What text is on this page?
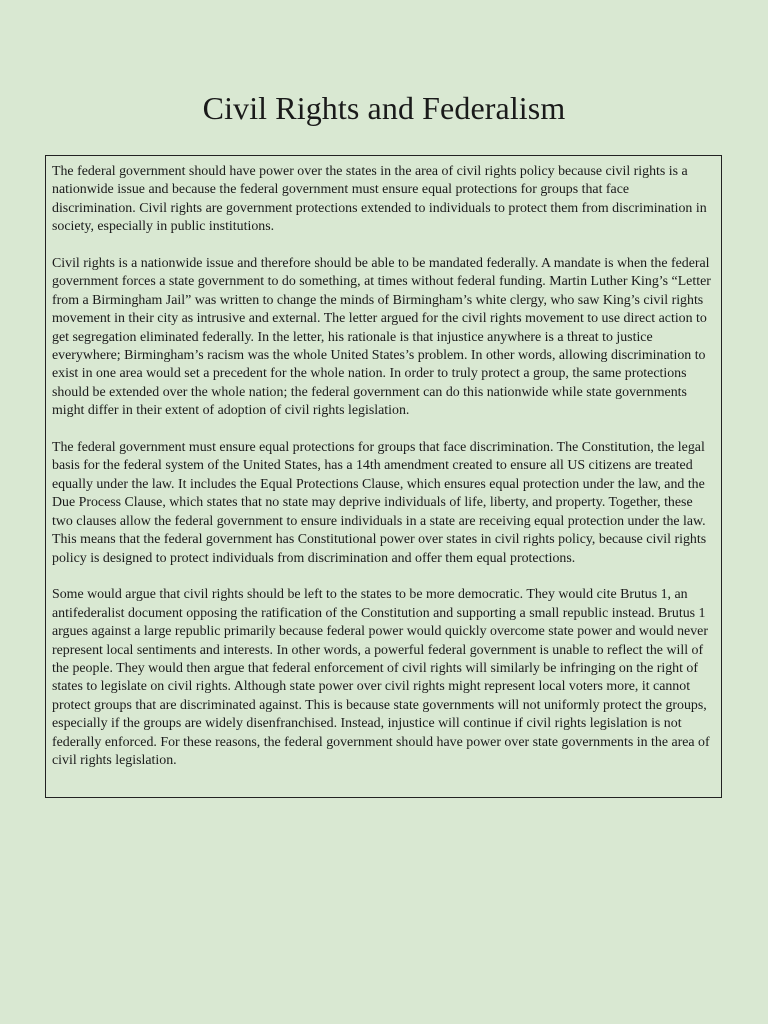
Civil Rights and Federalism

The federal government should have power over the states in the area of civil rights policy because civil rights is a nationwide issue and because the federal government must ensure equal protections for groups that face discrimination. Civil rights are government protections extended to individuals to protect them from discrimination in society, especially in public institutions.

Civil rights is a nationwide issue and therefore should be able to be mandated federally. A mandate is when the federal government forces a state government to do something, at times without federal funding. Martin Luther King’s “Letter from a Birmingham Jail” was written to change the minds of Birmingham’s white clergy, who saw King’s civil rights movement in their city as intrusive and external. The letter argued for the civil rights movement to use direct action to get segregation eliminated federally. In the letter, his rationale is that injustice anywhere is a threat to justice everywhere; Birmingham’s racism was the whole United States’s problem. In other words, allowing discrimination to exist in one area would set a precedent for the whole nation. In order to truly protect a group, the same protections should be extended over the whole nation; the federal government can do this nationwide while state governments might differ in their extent of adoption of civil rights legislation.

The federal government must ensure equal protections for groups that face discrimination. The Constitution, the legal basis for the federal system of the United States, has a 14th amendment created to ensure all US citizens are treated equally under the law. It includes the Equal Protections Clause, which ensures equal protection under the law, and the Due Process Clause, which states that no state may deprive individuals of life, liberty, and property. Together, these two clauses allow the federal government to ensure individuals in a state are receiving equal protection under the law. This means that the federal government has Constitutional power over states in civil rights policy, because civil rights policy is designed to protect individuals from discrimination and offer them equal protections.

Some would argue that civil rights should be left to the states to be more democratic. They would cite Brutus 1, an antifederalist document opposing the ratification of the Constitution and supporting a small republic instead. Brutus 1 argues against a large republic primarily because federal power would quickly overcome state power and would never represent local sentiments and interests. In other words, a powerful federal government is unable to reflect the will of the people. They would then argue that federal enforcement of civil rights will similarly be infringing on the right of states to legislate on civil rights. Although state power over civil rights might represent local voters more, it cannot protect groups that are discriminated against. This is because state governments will not uniformly protect the groups, especially if the groups are widely disenfranchised. Instead, injustice will continue if civil rights legislation is not federally enforced. For these reasons, the federal government should have power over state governments in the area of civil rights legislation.
